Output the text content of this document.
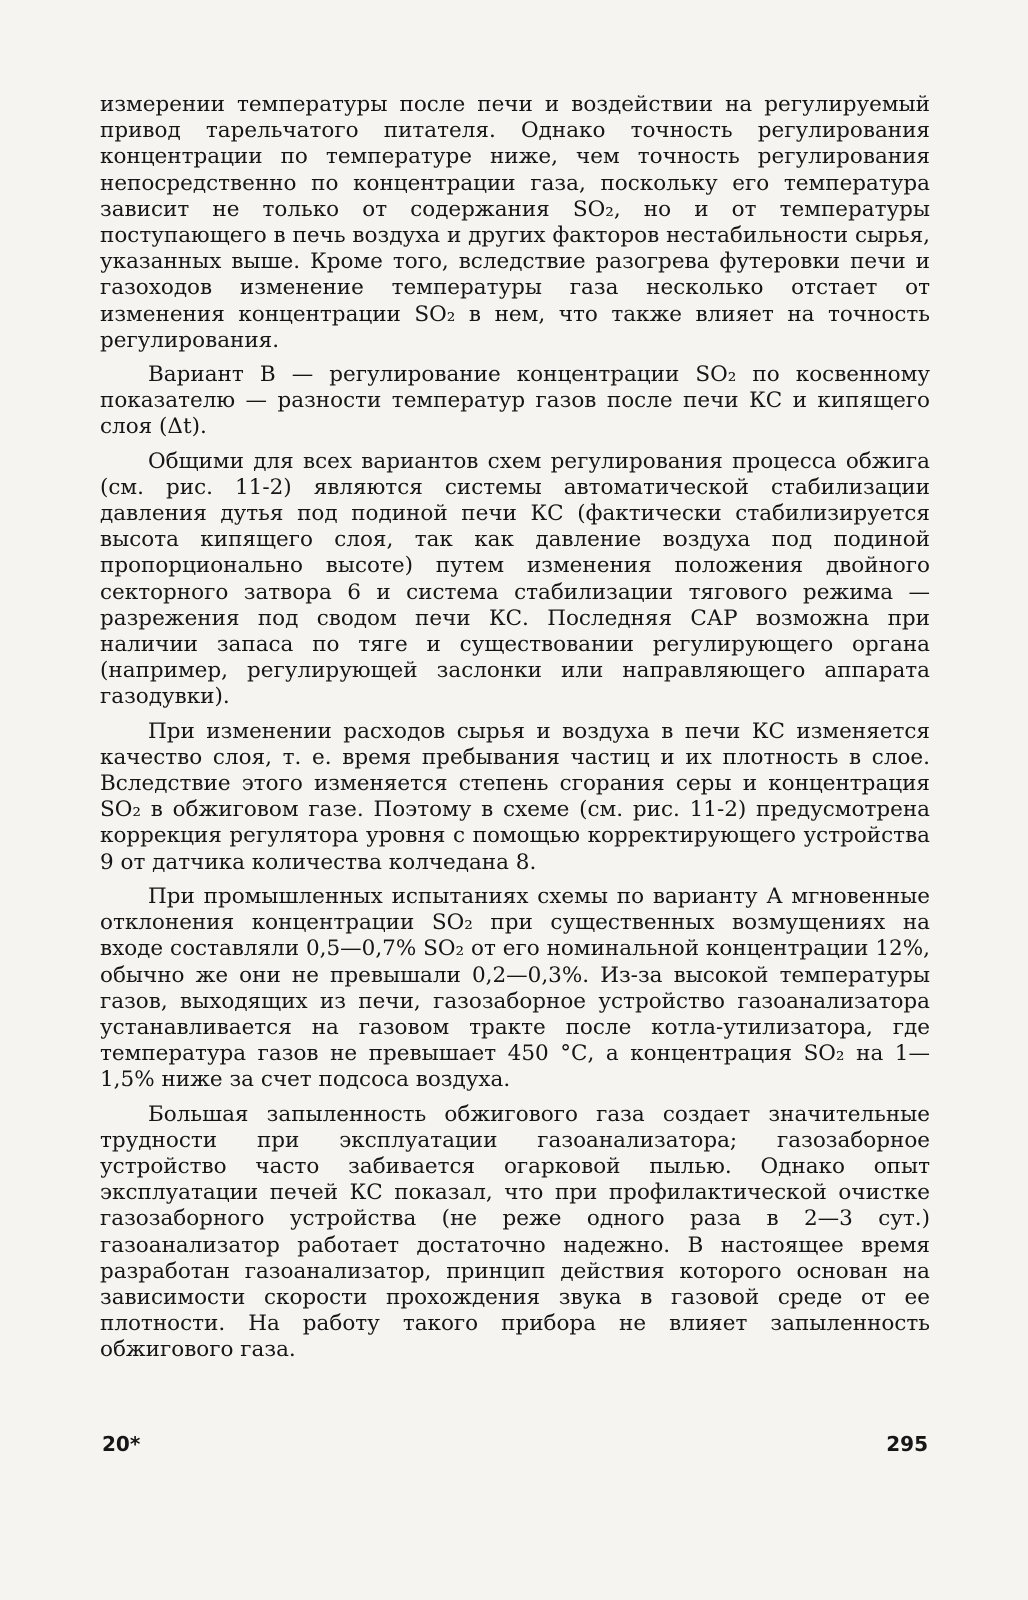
измерении температуры после печи и воздействии на регулируемый привод тарельчатого питателя. Однако точность регулирования концентрации по температуре ниже, чем точность регулирования непосредственно по концентрации газа, поскольку его температура зависит не только от содержания SO₂, но и от температуры поступающего в печь воздуха и других факторов нестабильности сырья, указанных выше. Кроме того, вследствие разогрева футеровки печи и газоходов изменение температуры газа несколько отстает от изменения концентрации SO₂ в нем, что также влияет на точность регулирования.

Вариант В — регулирование концентрации SO₂ по косвенному показателю — разности температур газов после печи КС и кипящего слоя (Δt).

Общими для всех вариантов схем регулирования процесса обжига (см. рис. 11-2) являются системы автоматической стабилизации давления дутья под подиной печи КС (фактически стабилизируется высота кипящего слоя, так как давление воздуха под подиной пропорционально высоте) путем изменения положения двойного секторного затвора 6 и система стабилизации тягового режима — разрежения под сводом печи КС. Последняя САР возможна при наличии запаса по тяге и существовании регулирующего органа (например, регулирующей заслонки или направляющего аппарата газодувки).

При изменении расходов сырья и воздуха в печи КС изменяется качество слоя, т. е. время пребывания частиц и их плотность в слое. Вследствие этого изменяется степень сгорания серы и концентрация SO₂ в обжиговом газе. Поэтому в схеме (см. рис. 11-2) предусмотрена коррекция регулятора уровня с помощью корректирующего устройства 9 от датчика количества колчедана 8.

При промышленных испытаниях схемы по варианту А мгновенные отклонения концентрации SO₂ при существенных возмущениях на входе составляли 0,5—0,7% SO₂ от его номинальной концентрации 12%, обычно же они не превышали 0,2—0,3%. Из-за высокой температуры газов, выходящих из печи, газозаборное устройство газоанализатора устанавливается на газовом тракте после котла-утилизатора, где температура газов не превышает 450 °С, а концентрация SO₂ на 1—1,5% ниже за счет подсоса воздуха.

Большая запыленность обжигового газа создает значительные трудности при эксплуатации газоанализатора; газозаборное устройство часто забивается огарковой пылью. Однако опыт эксплуатации печей КС показал, что при профилактической очистке газозаборного устройства (не реже одного раза в 2—3 сут.) газоанализатор работает достаточно надежно. В настоящее время разработан газоанализатор, принцип действия которого основан на зависимости скорости прохождения звука в газовой среде от ее плотности. На работу такого прибора не влияет запыленность обжигового газа.

20*	295
